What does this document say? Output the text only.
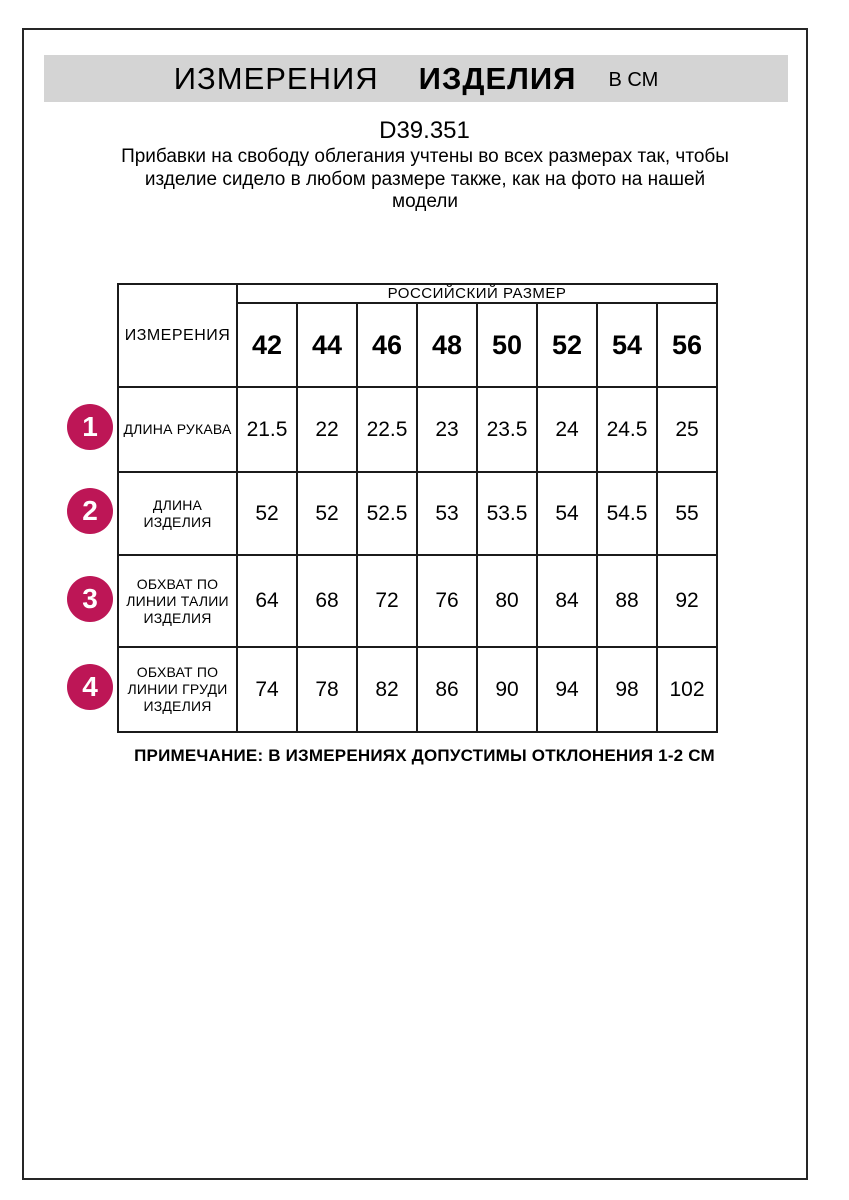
ИЗМЕРЕНИЯ ИЗДЕЛИЯ В СМ
D39.351
Прибавки на свободу облегания учтены во всех размерах так, чтобы
изделие сидело в любом размере также, как на фото на нашей
модели
1
2
3
4
ИЗМЕРЕНИЯ	РОССИЙСКИЙ РАЗМЕР							
	42	44	46	48	50	52	54	56
ДЛИНА РУКАВА	21.5	22	22.5	23	23.5	24	24.5	25
ДЛИНА ИЗДЕЛИЯ	52	52	52.5	53	53.5	54	54.5	55
ОБХВАТ ПО ЛИНИИ ТАЛИИ ИЗДЕЛИЯ	64	68	72	76	80	84	88	92
ОБХВАТ ПО ЛИНИИ ГРУДИ ИЗДЕЛИЯ	74	78	82	86	90	94	98	102
ПРИМЕЧАНИЕ: В ИЗМЕРЕНИЯХ ДОПУСТИМЫ ОТКЛОНЕНИЯ 1-2 СМ
